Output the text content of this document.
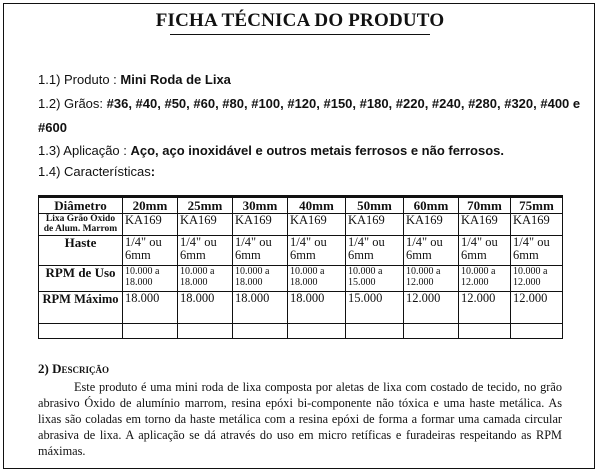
FICHA TÉCNICA DO PRODUTO
1.1) Produto : Mini Roda de Lixa
1.2) Grãos: #36, #40, #50, #60, #80, #100, #120, #150, #180, #220, #240, #280, #320, #400 e
#600
1.3) Aplicação : Aço, aço inoxidável e outros metais ferrosos e não ferrosos.
1.4) Características:
Diâmetro	20mm	25mm	30mm	40mm	50mm	60mm	70mm	75mm
Lixa Grão Óxido de Alum. Marrom	KA169	KA169	KA169	KA169	KA169	KA169	KA169	KA169
Haste	1/4" ou 6mm	1/4" ou 6mm	1/4" ou 6mm	1/4" ou 6mm	1/4" ou 6mm	1/4" ou 6mm	1/4" ou 6mm	1/4" ou 6mm
RPM de Uso	10.000 a 18.000	10.000 a 18.000	10.000 a 18.000	10.000 a 18.000	10.000 a 15.000	10.000 a 12.000	10.000 a 12.000	10.000 a 12.000
RPM Máximo	18.000	18.000	18.000	18.000	15.000	12.000	12.000	12.000

2) Descrição
Este produto é uma mini roda de lixa composta por aletas de lixa com costado de tecido, no grão abrasivo Óxido de alumínio marrom, resina epóxi bi-componente não tóxica e uma haste metálica. As lixas são coladas em torno da haste metálica com a resina epóxi de forma a formar uma camada circular abrasiva de lixa. A aplicação se dá através do uso em micro retíficas e furadeiras respeitando as RPM máximas.
